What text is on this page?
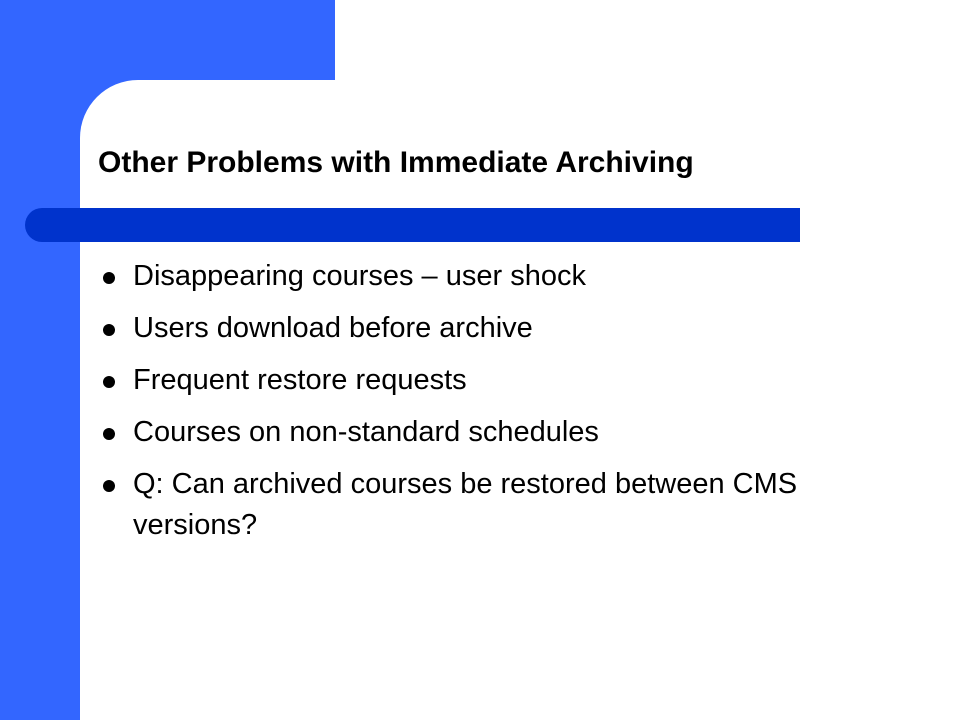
Other Problems with Immediate Archiving
Disappearing courses – user shock
Users download before archive
Frequent restore requests
Courses on non-standard schedules
Q: Can archived courses be restored between CMS versions?
